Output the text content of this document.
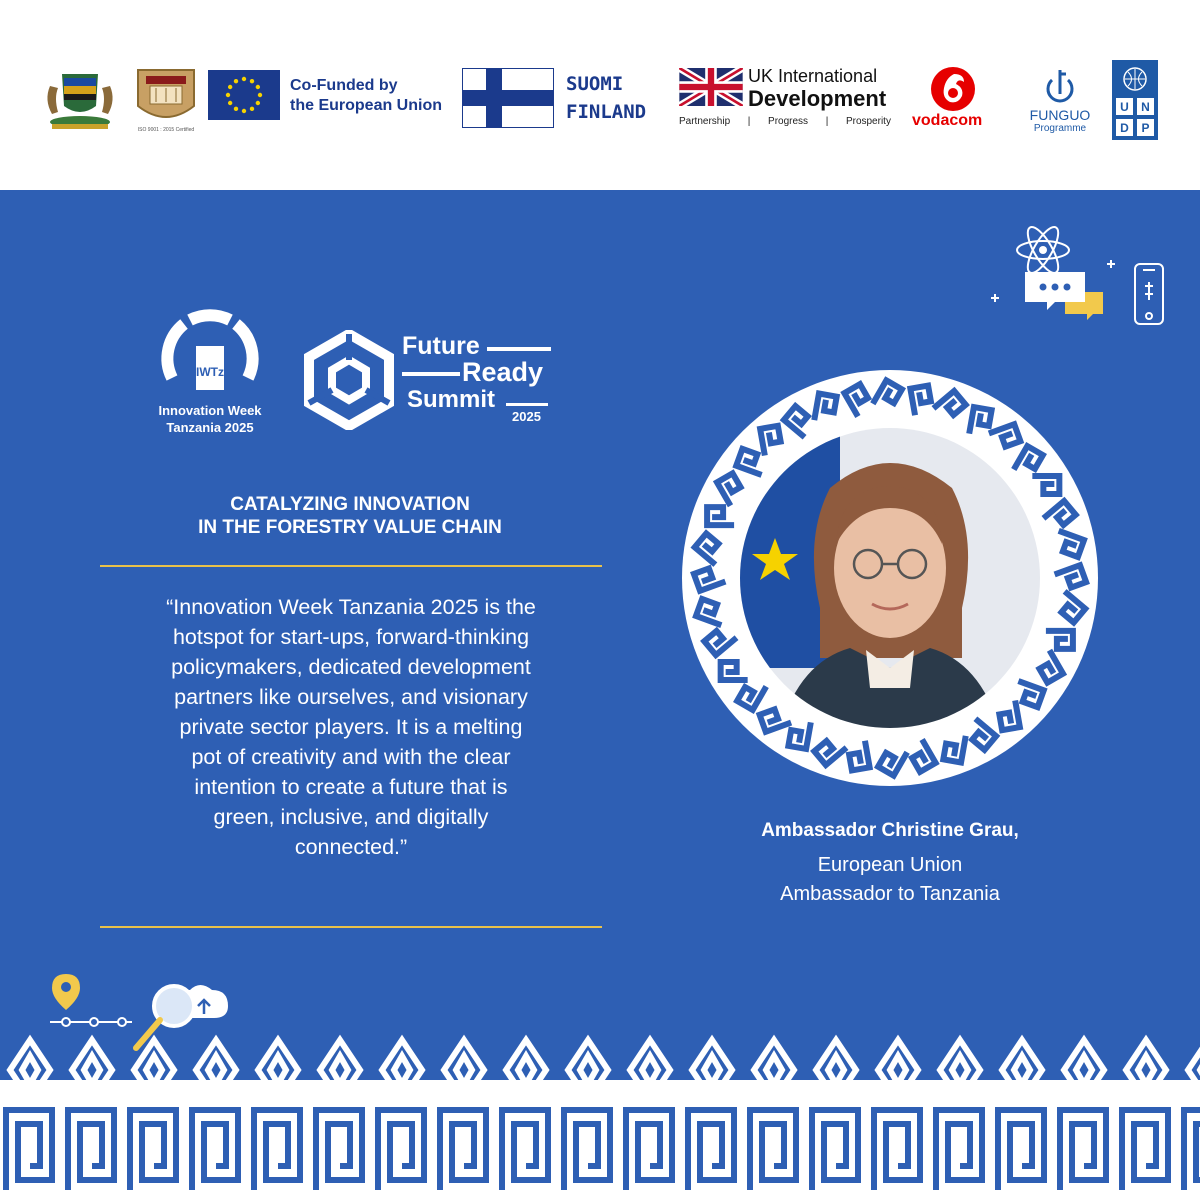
ISO 9001 : 2015 Certified
Co-Funded by
the European Union
SUOMI
FINLAND
UK International
Development
Partnership | Progress | Prosperity vodacom	FUNGUO
Programme
U N
D P
IWTz
Innovation Week
Tanzania 2025
Future
Ready
Summit
2025
CATALYZING INNOVATION
IN THE FORESTRY VALUE CHAIN
“Innovation Week Tanzania 2025 is the
hotspot for start-ups, forward-thinking
policymakers, dedicated development
partners like ourselves, and visionary
private sector players. It is a melting
pot of creativity and with the clear
intention to create a future that is
green, inclusive, and digitally
connected.”
Ambassador Christine Grau,
European Union
Ambassador to Tanzania
